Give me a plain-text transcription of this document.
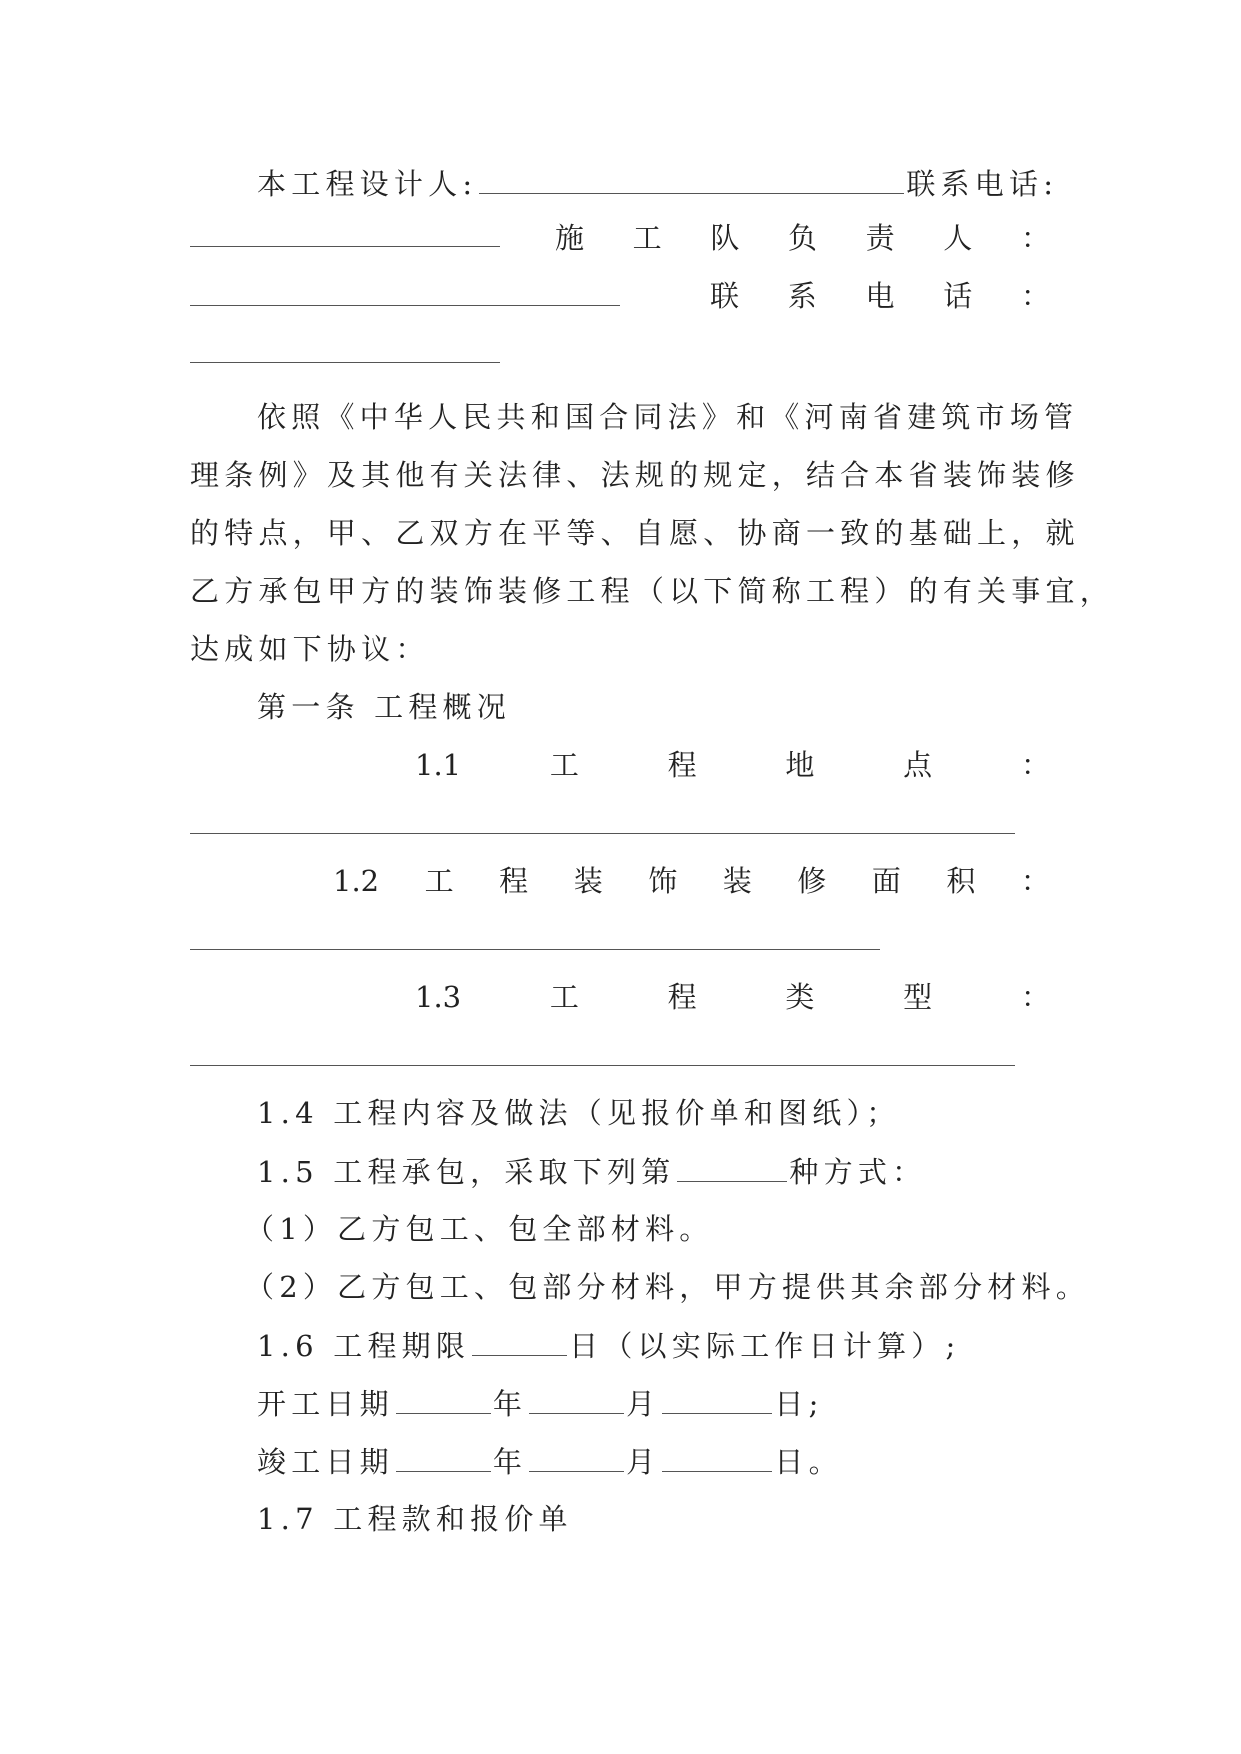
本工程设计人:	联系电话:
施 工 队 负 责 人 ：
联 系 电 话 ：
依照《中华人民共和国合同法》和《河南省建筑市场管
理条例》及其他有关法律、法规的规定，结合本省装饰装修
的特点，甲、乙双方在平等、自愿、协商一致的基础上，就
乙方承包甲方的装饰装修工程（以下简称工程）的有关事宜，
达成如下协议：
第一条 工程概况
1.1	工	程	地	点	：
1.2 工 程 装 饰 装 修 面 积 ：
1.3	工	程	类	型	：
1.4 工程内容及做法（见报价单和图纸）；
1.5 工程承包，采取下列第	种方式：
（1）乙方包工、包全部材料。
（2）乙方包工、包部分材料，甲方提供其余部分材料。
1.6 工程期限	日（以实际工作日计算）;
开工日期	年	月	日;
竣工日期	年	月	日。
1.7 工程款和报价单
